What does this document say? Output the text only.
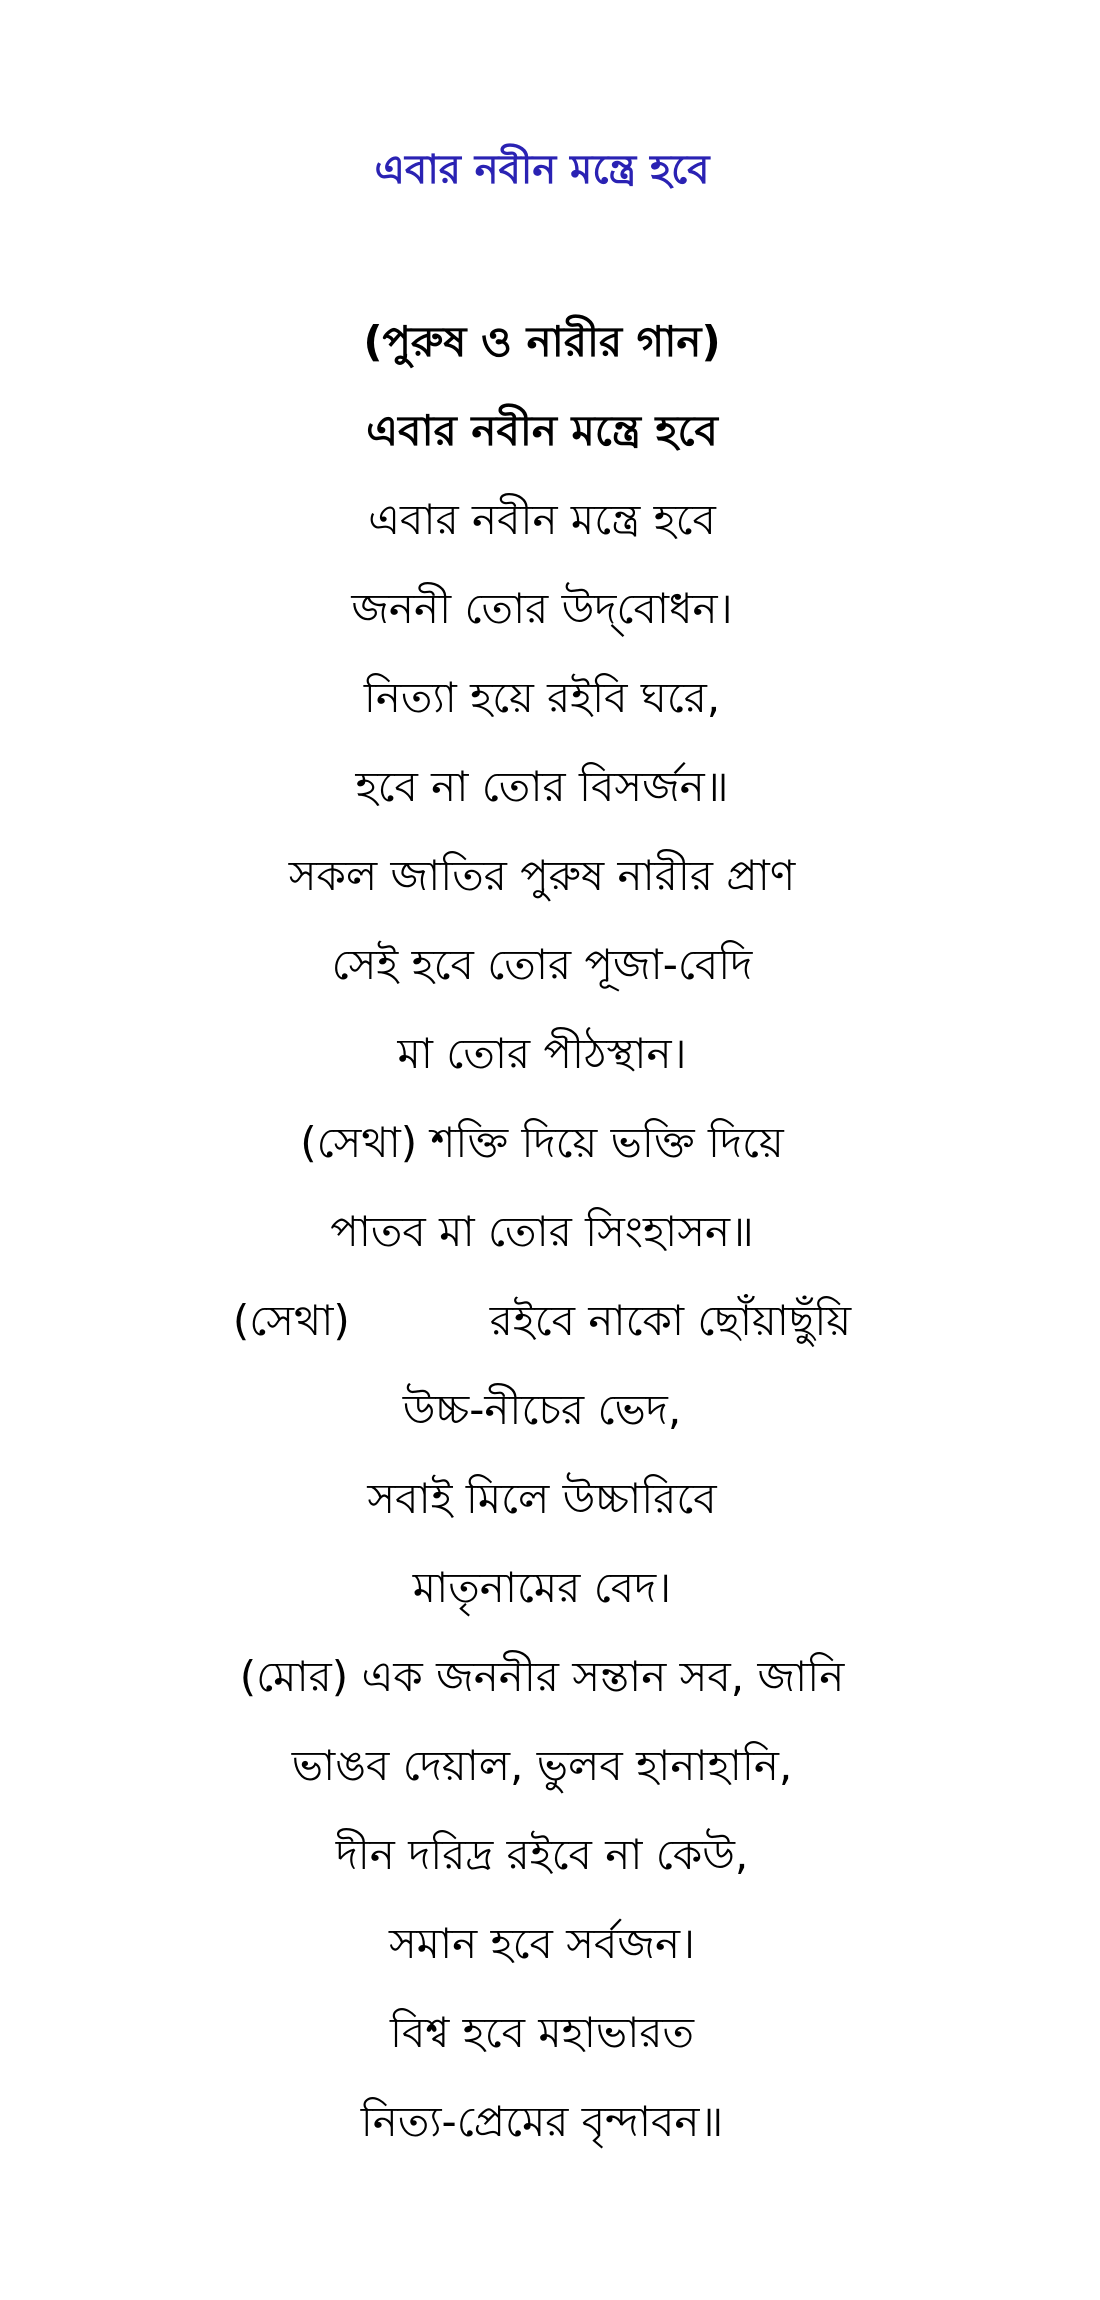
এবার নবীন মন্ত্রে হবে
(পুরুষ ও নারীর গান)
এবার নবীন মন্ত্রে হবে
এবার নবীন মন্ত্রে হবে
জননী তোর উদ্‌বোধন।
নিত্যা হয়ে রইবি ঘরে,
হবে না তোর বিসর্জন॥
সকল জাতির পুরুষ নারীর প্রাণ
সেই হবে তোর পূজা-বেদি
মা তোর পীঠস্থান।
(সেথা) শক্তি দিয়ে ভক্তি দিয়ে
পাতব মা তোর সিংহাসন॥
(সেথা)	রইবে নাকো ছোঁয়াছুঁয়ি
উচ্চ-নীচের ভেদ,
সবাই মিলে উচ্চারিবে
মাতৃনামের বেদ।
(মোর) এক জননীর সন্তান সব, জানি
ভাঙব দেয়াল, ভুলব হানাহানি,
দীন দরিদ্র রইবে না কেউ,
সমান হবে সর্বজন।
বিশ্ব হবে মহাভারত
নিত্য-প্রেমের বৃন্দাবন॥
